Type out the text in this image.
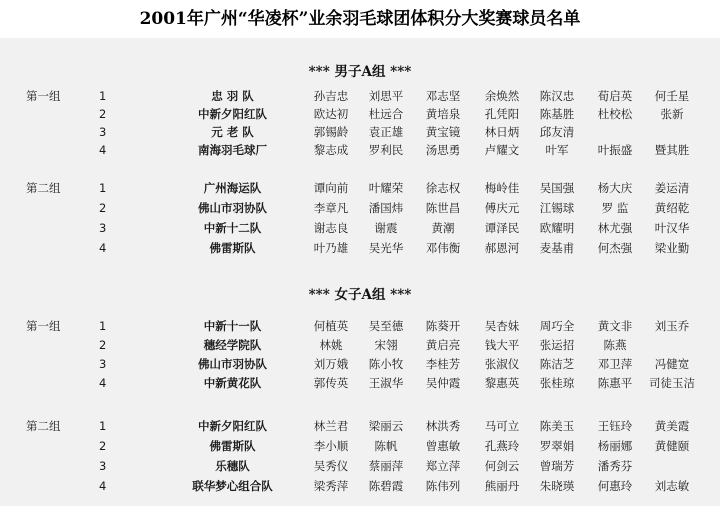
2001年广州“华凌杯”业余羽毛球团体积分大奖赛球员名单
*** 男子A组 ***
第一组	1	忠 羽 队	孙吉忠	刘思平	邓志坚	余焕然	陈汉忠	荀启英	何壬星
2	中新夕阳红队	欧达初	杜远合	黄培泉	孔凭阳	陈基胜	杜校松	张新
3	元 老 队	郭锡龄	袁正雄	黄宝镜	林日炳	邱友清
4	南海羽毛球厂	黎志成	罗利民	汤思勇	卢耀文	叶军	叶振盛	暨其胜
第二组	1	广州海运队	谭向前	叶耀荣	徐志权	梅岭佳	吴国强	杨大庆	姜运清
2	佛山市羽协队	李章凡	潘国炜	陈世昌	傅庆元	江锡球	罗 监	黄绍乾
3	中新十二队	谢志良	谢震	黄潮	谭泽民	欧耀明	林尤强	叶汉华
4	佛雷斯队	叶乃雄	吴光华	邓伟衡	郝恩河	麦基甫	何杰强	梁业勤
*** 女子A组 ***
第一组	1	中新十一队	何植英	吴至德	陈葵开	吴杏妹	周巧全	黄文非	刘玉乔
2	穗经学院队	林姚	宋翎	黄启亮	钱大平	张运招	陈燕
3	佛山市羽协队	刘万娥	陈小牧	李桂芳	张淑仪	陈洁芝	邓卫萍	冯健宽
4	中新黄花队	郭传英	王淑华	吴仲霞	黎惠英	张桂琼	陈惠平	司徒玉洁
第二组	1	中新夕阳红队	林兰君	梁丽云	林洪秀	马可立	陈美玉	王钰玲	黄美霞
2	佛雷斯队	李小顺	陈帆	曾惠敏	孔燕玲	罗翠娟	杨丽娜	黄健颐
3	乐穗队	吴秀仪	蔡丽萍	郑立萍	何剑云	曾瑞芳	潘秀芬
4	联华梦心组合队	梁秀萍	陈碧霞	陈伟列	熊丽丹	朱晓瑛	何惠玲	刘志敏
